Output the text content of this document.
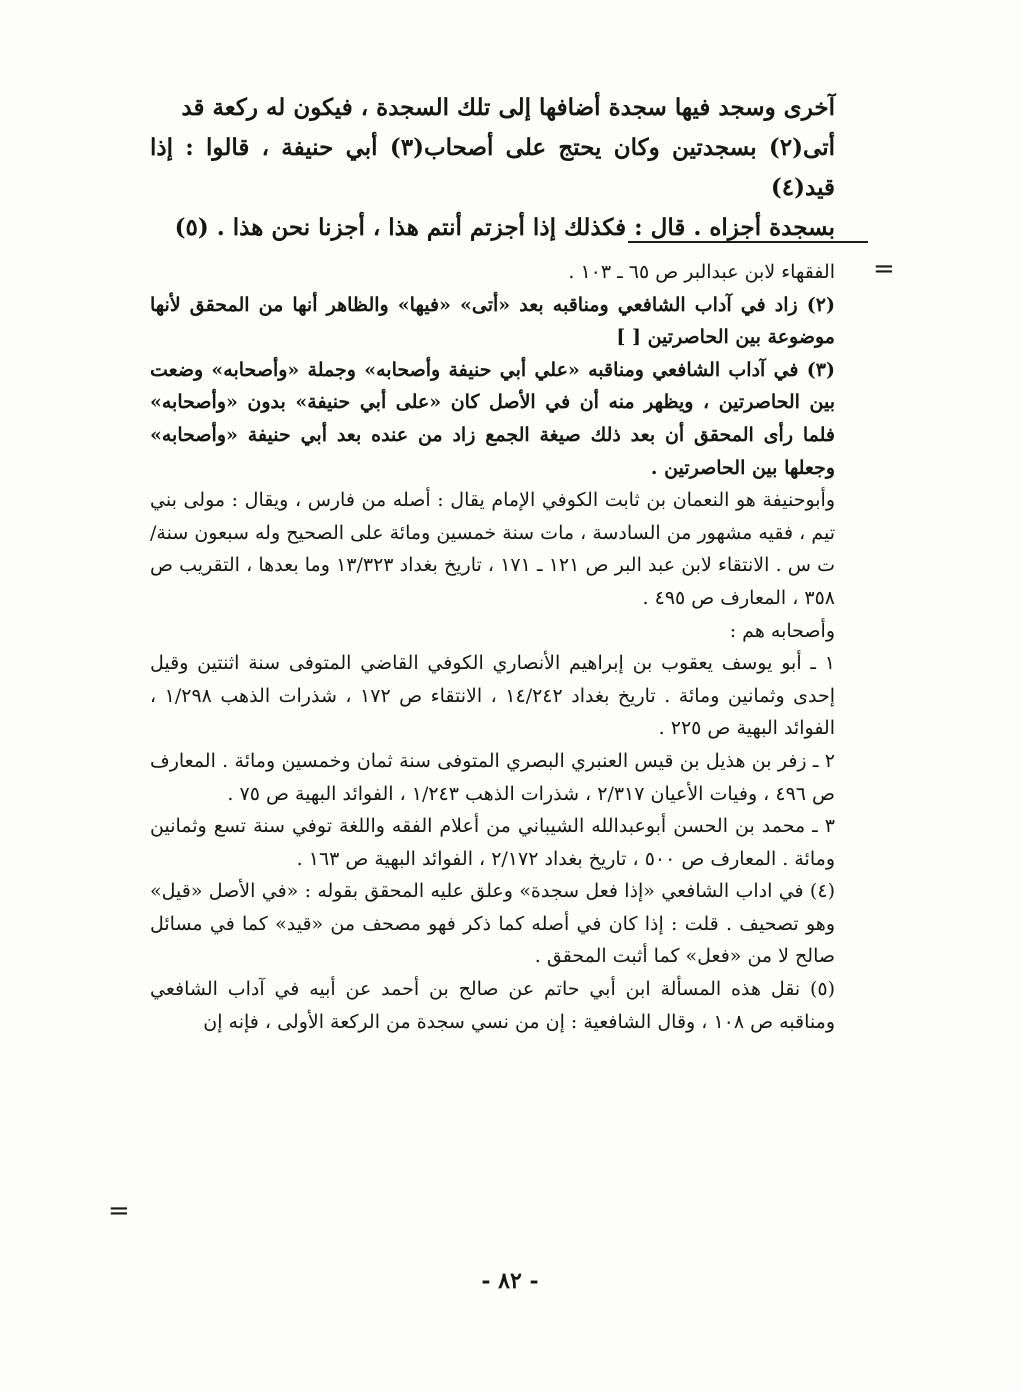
آخرى وسجد فيها سجدة أضافها إلى تلك السجدة ، فيكون له ركعة قد

أتى(٢) بسجدتين وكان يحتج على أصحاب(٣) أبي حنيفة ، قالوا : إذا قيد(٤)

بسجدة أجزاه . قال : فكذلك إذا أجزتم أنتم هذا ، أجزنا نحن هذا . (٥)

=

الفقهاء لابن عبدالبر ص ٦٥ ـ ١٠٣ .

(٢) زاد في آداب الشافعي ومناقبه بعد «أتى» «فيها» والظاهر أنها من المحقق لأنها موضوعة بين الحاصرتين [ ]

(٣) في آداب الشافعي ومناقبه «علي أبي حنيفة وأصحابه» وجملة «وأصحابه» وضعت بين الحاصرتين ، ويظهر منه أن في الأصل كان «على أبي حنيفة» بدون «وأصحابه» فلما رأى المحقق أن بعد ذلك صيغة الجمع زاد من عنده بعد أبي حنيفة «وأصحابه» وجعلها بين الحاصرتين .

وأبوحنيفة هو النعمان بن ثابت الكوفي الإمام يقال : أصله من فارس ، ويقال : مولى بني تيم ، فقيه مشهور من السادسة ، مات سنة خمسين ومائة على الصحيح وله سبعون سنة/ت س . الانتقاء لابن عبد البر ص ١٢١ ـ ١٧١ ، تاريخ بغداد ١٣/٣٢٣ وما بعدها ، التقريب ص ٣٥٨ ، المعارف ص ٤٩٥ .

وأصحابه هم :

١ ـ أبو يوسف يعقوب بن إبراهيم الأنصاري الكوفي القاضي المتوفى سنة اثنتين وقيل إحدى وثمانين ومائة . تاريخ بغداد ١٤/٢٤٢ ، الانتقاء ص ١٧٢ ، شذرات الذهب ١/٢٩٨ ، الفوائد البهية ص ٢٢٥ .

٢ ـ زفر بن هذيل بن قيس العنبري البصري المتوفى سنة ثمان وخمسين ومائة . المعارف ص ٤٩٦ ، وفيات الأعيان ٢/٣١٧ ، شذرات الذهب ١/٢٤٣ ، الفوائد البهية ص ٧٥ .

٣ ـ محمد بن الحسن أبوعبدالله الشيباني من أعلام الفقه واللغة توفي سنة تسع وثمانين ومائة . المعارف ص ٥٠٠ ، تاريخ بغداد ٢/١٧٢ ، الفوائد البهية ص ١٦٣ .

(٤) في اداب الشافعي «إذا فعل سجدة» وعلق عليه المحقق بقوله : «في الأصل «قيل» وهو تصحيف . قلت : إذا كان في أصله كما ذكر فهو مصحف من «قيد» كما في مسائل صالح لا من «فعل» كما أثبت المحقق .

(٥) نقل هذه المسألة ابن أبي حاتم عن صالح بن أحمد عن أبيه في آداب الشافعي ومناقبه ص ١٠٨ ، وقال الشافعية : إن من نسي سجدة من الركعة الأولى ، فإنه إن

=
- ٨٢ -
